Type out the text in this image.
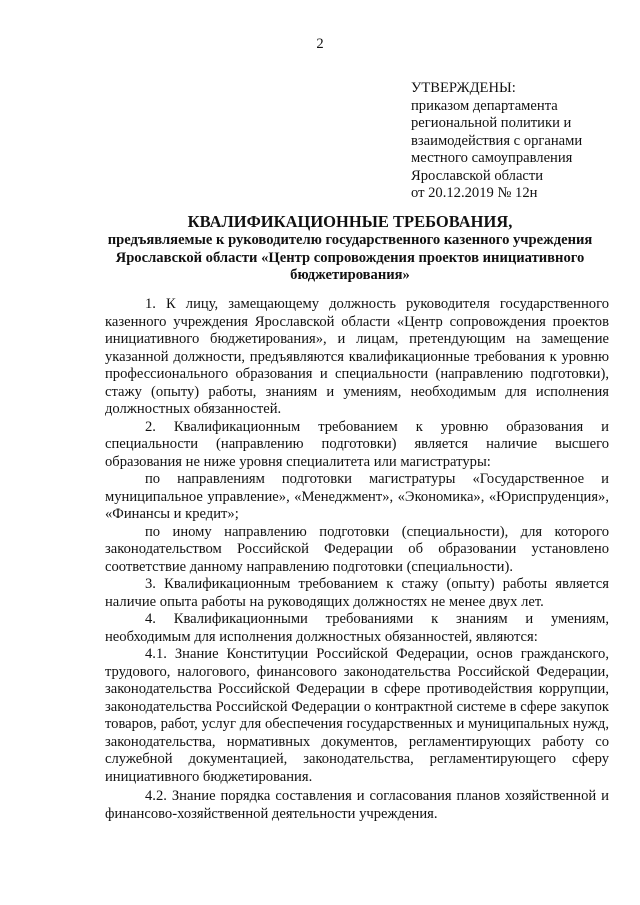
2
УТВЕРЖДЕНЫ:
приказом департамента
региональной политики и
взаимодействия с органами
местного самоуправления
Ярославской области
от 20.12.2019 № 12н
КВАЛИФИКАЦИОННЫЕ ТРЕБОВАНИЯ,
предъявляемые к руководителю государственного казенного учреждения Ярославской области «Центр сопровождения проектов инициативного бюджетирования»

1. К лицу, замещающему должность руководителя государственного казенного учреждения Ярославской области «Центр сопровождения проектов инициативного бюджетирования», и лицам, претендующим на замещение указанной должности, предъявляются квалификационные требования к уровню профессионального образования и специальности (направлению подготовки), стажу (опыту) работы, знаниям и умениям, необходимым для исполнения должностных обязанностей.

2. Квалификационным требованием к уровню образования и специальности (направлению подготовки) является наличие высшего образования не ниже уровня специалитета или магистратуры:

по направлениям подготовки магистратуры «Государственное и муниципальное управление», «Менеджмент», «Экономика», «Юриспруденция», «Финансы и кредит»;

по иному направлению подготовки (специальности), для которого законодательством Российской Федерации об образовании установлено соответствие данному направлению подготовки (специальности).

3. Квалификационным требованием к стажу (опыту) работы является наличие опыта работы на руководящих должностях не менее двух лет.

4. Квалификационными требованиями к знаниям и умениям, необходимым для исполнения должностных обязанностей, являются:

4.1. Знание Конституции Российской Федерации, основ гражданского, трудового, налогового, финансового законодательства Российской Федерации, законодательства Российской Федерации в сфере противодействия коррупции, законодательства Российской Федерации о контрактной системе в сфере закупок товаров, работ, услуг для обеспечения государственных и муниципальных нужд, законодательства, нормативных документов, регламентирующих работу со служебной документацией, законодательства, регламентирующего сферу инициативного бюджетирования.

4.2. Знание порядка составления и согласования планов хозяйственной и финансово-хозяйственной деятельности учреждения.
